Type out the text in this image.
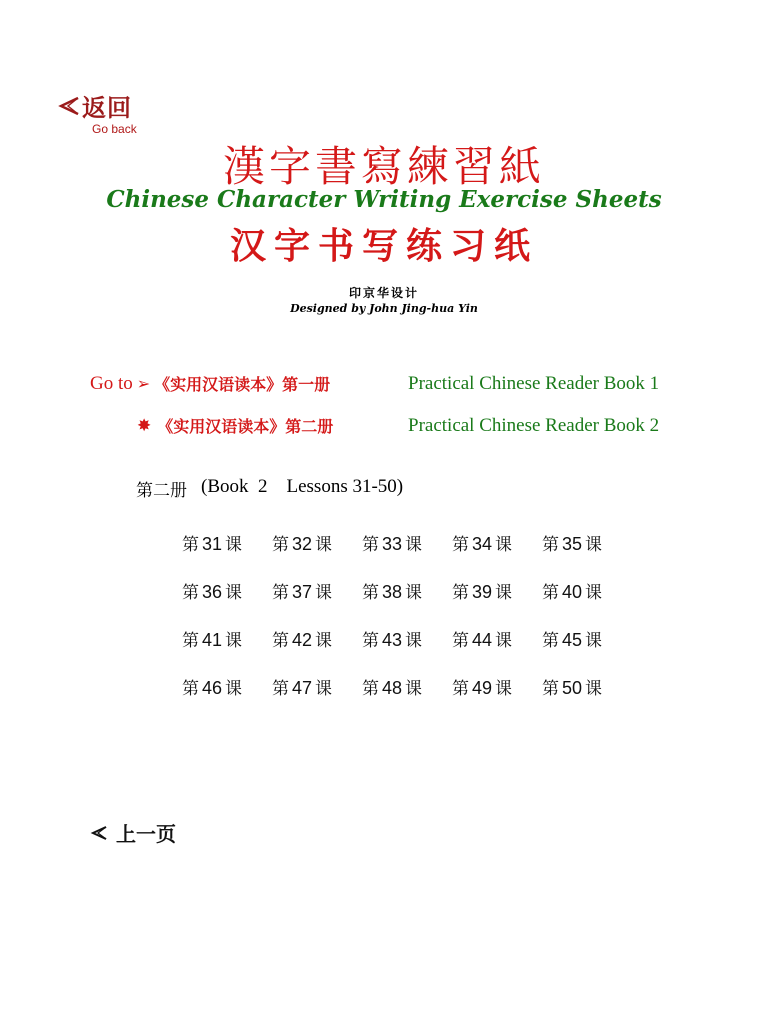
返回
Go back
漢字書寫練習紙
Chinese Character Writing Exercise Sheets
汉字书写练习纸
印京华设计
Designed by John Jing-hua Yin
Go to ➢ 《实用汉语读本》第一册	Practical Chinese Reader Book 1
✸ 《实用汉语读本》第二册	Practical Chinese Reader Book 2
第二册 (Book  2    Lessons 31-50)
第 31 课	第 32 课	第 33 课	第 34 课	第 35 课
第 36 课	第 37 课	第 38 课	第 39 课	第 40 课
第 41 课	第 42 课	第 43 课	第 44 课	第 45 课
第 46 课	第 47 课	第 48 课	第 49 课	第 50 课
上一页
